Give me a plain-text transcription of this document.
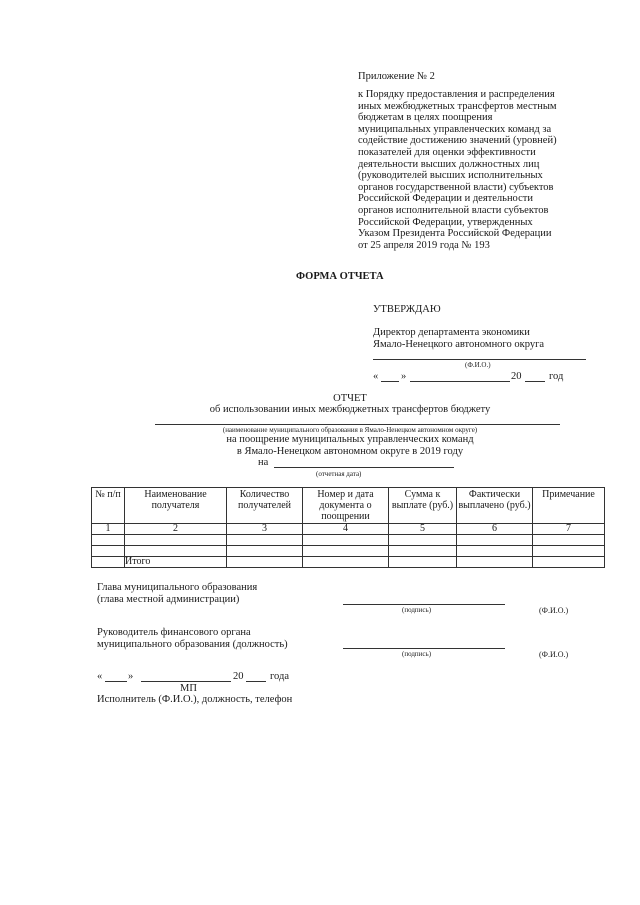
Приложение № 2
к Порядку предоставления и распределения
иных межбюджетных трансфертов местным
бюджетам в целях поощрения
муниципальных управленческих команд за
содействие достижению значений (уровней)
показателей для оценки эффективности
деятельности высших должностных лиц
(руководителей высших исполнительных
органов государственной власти) субъектов
Российской Федерации и деятельности
органов исполнительной власти субъектов
Российской Федерации, утвержденных
Указом Президента Российской Федерации
от 25 апреля 2019 года № 193
ФОРМА ОТЧЕТА
УТВЕРЖДАЮ
Директор департамента экономики
Ямало-Ненецкого автономного округа
(Ф.И.О.)
« »	20	год
ОТЧЕТ
об использовании иных межбюджетных трансфертов бюджету
(наименование муниципального образования в Ямало-Ненецком автономном округе)
на поощрение муниципальных управленческих команд
в Ямало-Ненецком автономном округе в 2019 году
на
(отчетная дата)
№ п/п	Наименование получателя	Количество получателей	Номер и дата документа о поощрении	Сумма к выплате (руб.)	Фактически выплачено (руб.)	Примечание
1	2	3	4	5	6	7

	Итого					
Глава муниципального образования
(глава местной администрации)
(подпись)	(Ф.И.О.)
Руководитель финансового органа
муниципального образования (должность)
(подпись)	(Ф.И.О.)
« »	20	года
МП
Исполнитель (Ф.И.О.), должность, телефон
